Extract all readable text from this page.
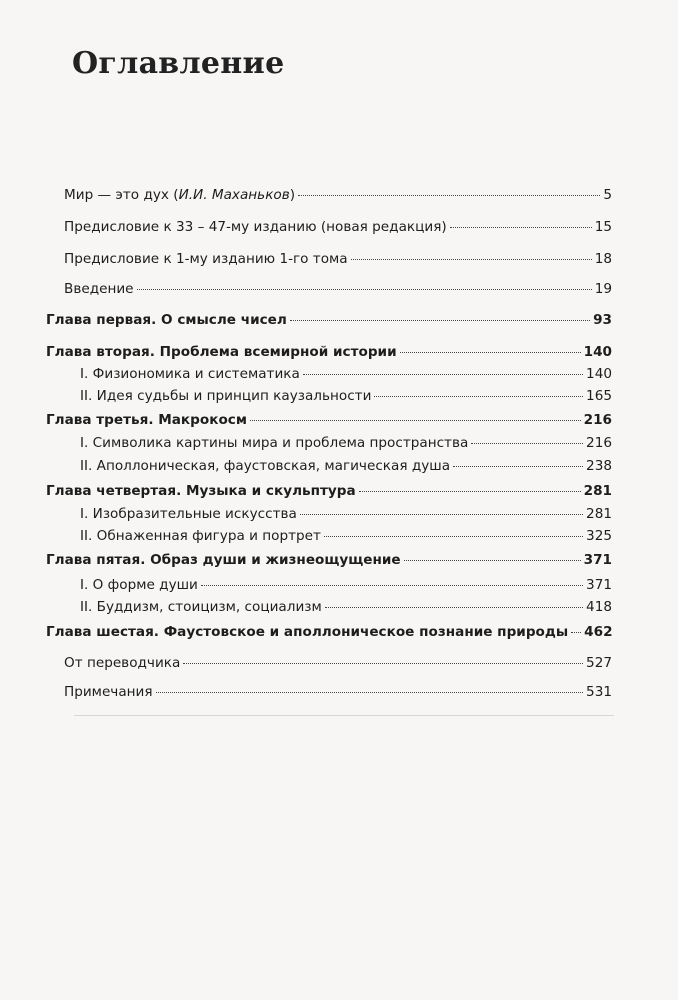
Оглавление
Мир — это дух (И.И. Маханьков)	5
Предисловие к 33 – 47-му изданию (новая редакция)	15
Предисловие к 1-му изданию 1-го тома	18
Введение	19
Глава первая. О смысле чисел	93
Глава вторая. Проблема всемирной истории	140
I. Физиономика и систематика	140
II. Идея судьбы и принцип каузальности	165
Глава третья. Макрокосм	216
I. Символика картины мира и проблема пространства	216
II. Аполлоническая, фаустовская, магическая душа	238
Глава четвертая. Музыка и скульптура	281
I. Изобразительные искусства	281
II. Обнаженная фигура и портрет	325
Глава пятая. Образ души и жизнеощущение	371
I. О форме души	371
II. Буддизм, стоицизм, социализм	418
Глава шестая. Фаустовское и аполлоническое познание природы 462
От переводчика	527
Примечания	531
